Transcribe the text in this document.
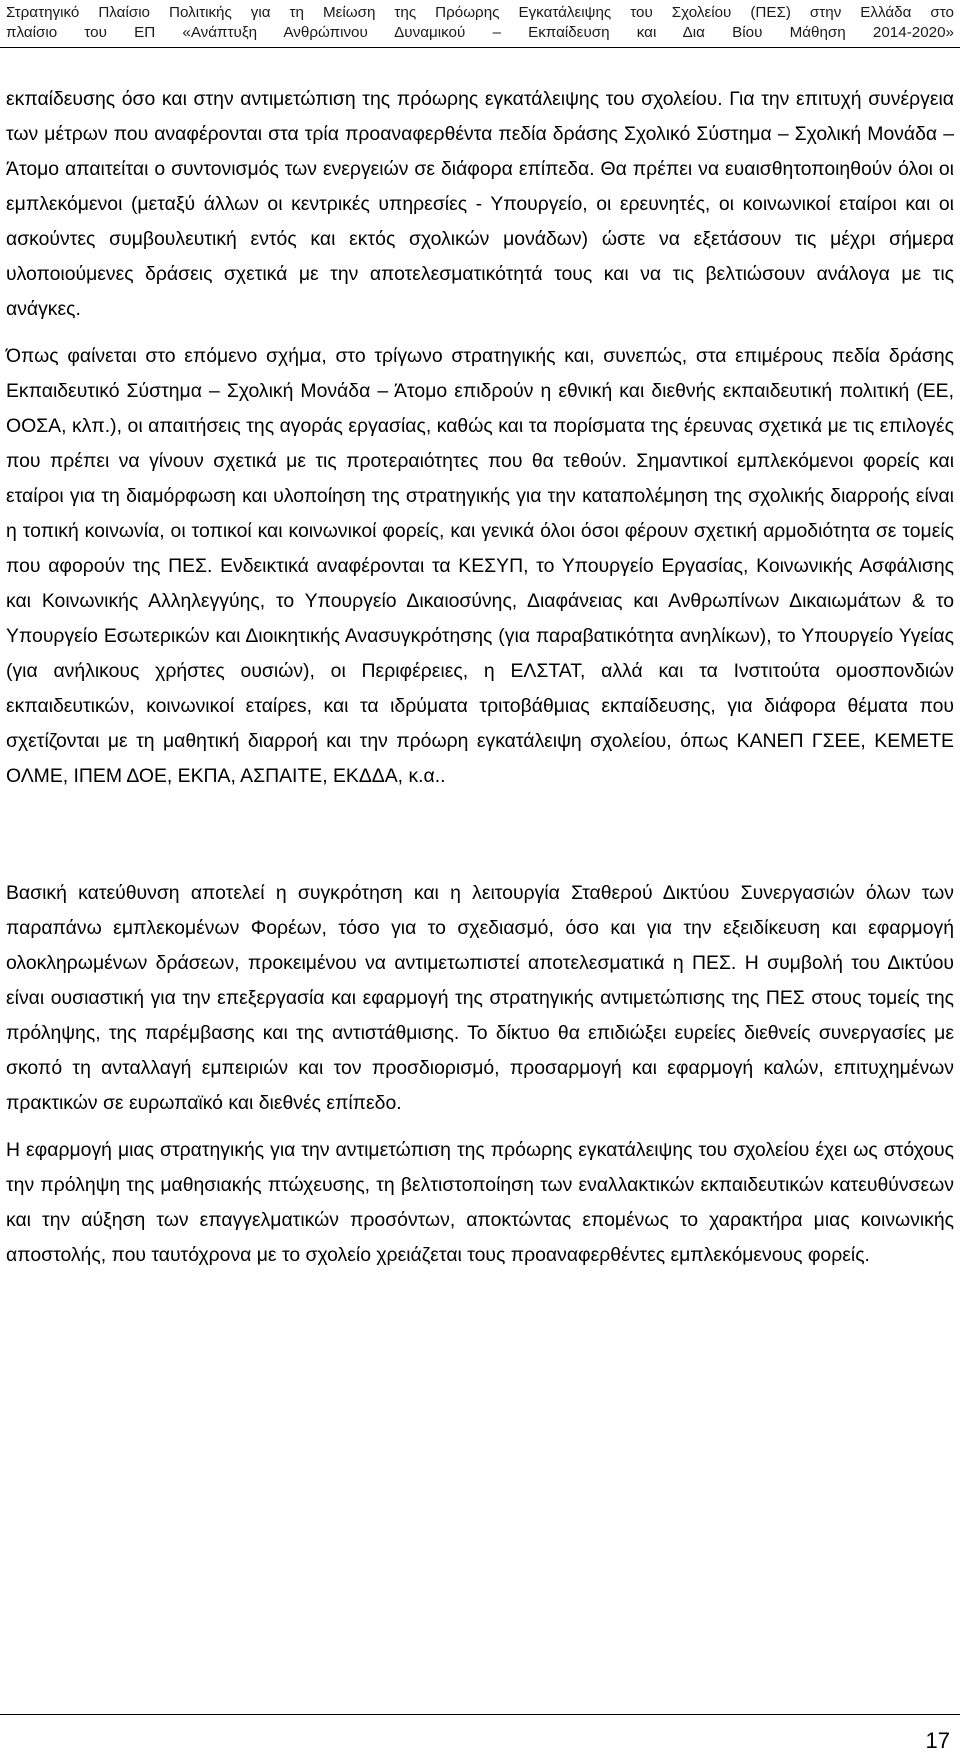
Στρατηγικό Πλαίσιο Πολιτικής για τη Μείωση της Πρόωρης Εγκατάλειψης του Σχολείου (ΠΕΣ) στην Ελλάδα στο
πλαίσιο του ΕΠ «Ανάπτυξη Ανθρώπινου Δυναμικού – Εκπαίδευση και Δια Βίου Μάθηση 2014-2020»

εκπαίδευσης όσο και στην αντιμετώπιση της πρόωρης εγκατάλειψης του σχολείου. Για την επιτυχή συνέργεια των μέτρων που αναφέρονται στα τρία προαναφερθέντα πεδία δράσης Σχολικό Σύστημα – Σχολική Μονάδα – Άτομο απαιτείται ο συντονισμός των ενεργειών σε διάφορα επίπεδα. Θα πρέπει να ευαισθητοποιηθούν όλοι οι εμπλεκόμενοι (μεταξύ άλλων οι κεντρικές υπηρεσίες - Υπουργείο, οι ερευνητές, οι κοινωνικοί εταίροι και οι ασκούντες συμβουλευτική εντός και εκτός σχολικών μονάδων) ώστε να εξετάσουν τις μέχρι σήμερα υλοποιούμενες δράσεις σχετικά με την αποτελεσματικότητά τους και να τις βελτιώσουν ανάλογα με τις ανάγκες.

Όπως φαίνεται στο επόμενο σχήμα, στο τρίγωνο στρατηγικής και, συνεπώς, στα επιμέρους πεδία δράσης Εκπαιδευτικό Σύστημα – Σχολική Μονάδα – Άτομο επιδρούν η εθνική και διεθνής εκπαιδευτική πολιτική (ΕΕ, ΟΟΣΑ, κλπ.), οι απαιτήσεις της αγοράς εργασίας, καθώς και τα πορίσματα της έρευνας σχετικά με τις επιλογές που πρέπει να γίνουν σχετικά με τις προτεραιότητες που θα τεθούν. Σημαντικοί εμπλεκόμενοι φορείς και εταίροι για τη διαμόρφωση και υλοποίηση της στρατηγικής για την καταπολέμηση της σχολικής διαρροής είναι η τοπική κοινωνία, οι τοπικοί και κοινωνικοί φορείς, και γενικά όλοι όσοι φέρουν σχετική αρμοδιότητα σε τομείς που αφορούν της ΠΕΣ. Ενδεικτικά αναφέρονται τα ΚΕΣΥΠ, το Υπουργείο Εργασίας, Κοινωνικής Ασφάλισης και Κοινωνικής Αλληλεγγύης, το Υπουργείο Δικαιοσύνης, Διαφάνειας και Ανθρωπίνων Δικαιωμάτων & το Υπουργείο Εσωτερικών και Διοικητικής Ανασυγκρότησης (για παραβατικότητα ανηλίκων), το Υπουργείο Υγείας (για ανήλικους χρήστες ουσιών), οι Περιφέρειες, η ΕΛΣΤΑΤ, αλλά και τα Ινστιτούτα ομοσπονδιών εκπαιδευτικών, κοινωνικοί εταίρεs, και τα ιδρύματα τριτοβάθμιας εκπαίδευσης, για διάφορα θέματα που σχετίζονται με τη μαθητική διαρροή και την πρόωρη εγκατάλειψη σχολείου, όπως ΚΑΝΕΠ ΓΣΕΕ, ΚΕΜΕΤΕ ΟΛΜΕ, ΙΠΕΜ ΔΟΕ, ΕΚΠΑ, ΑΣΠΑΙΤΕ, ΕΚΔΔΑ, κ.α..

Βασική κατεύθυνση αποτελεί η συγκρότηση και η λειτουργία Σταθερού Δικτύου Συνεργασιών όλων των παραπάνω εμπλεκομένων Φορέων, τόσο για το σχεδιασμό, όσο και για την εξειδίκευση και εφαρμογή ολοκληρωμένων δράσεων, προκειμένου να αντιμετωπιστεί αποτελεσματικά η ΠΕΣ. Η συμβολή του Δικτύου είναι ουσιαστική για την επεξεργασία και εφαρμογή της στρατηγικής αντιμετώπισης της ΠΕΣ στους τομείς της πρόληψης, της παρέμβασης και της αντιστάθμισης. Το δίκτυο θα επιδιώξει ευρείες διεθνείς συνεργασίες με σκοπό τη ανταλλαγή εμπειριών και τον προσδιορισμό, προσαρμογή και εφαρμογή καλών, επιτυχημένων πρακτικών σε ευρωπαϊκό και διεθνές επίπεδο.

Η εφαρμογή μιας στρατηγικής για την αντιμετώπιση της πρόωρης εγκατάλειψης του σχολείου έχει ως στόχους την πρόληψη της μαθησιακής πτώχευσης, τη βελτιστοποίηση των εναλλακτικών εκπαιδευτικών κατευθύνσεων και την αύξηση των επαγγελματικών προσόντων, αποκτώντας επομένως το χαρακτήρα μιας κοινωνικής αποστολής, που ταυτόχρονα με το σχολείο χρειάζεται τους προαναφερθέντες εμπλεκόμενους φορείς.

17
